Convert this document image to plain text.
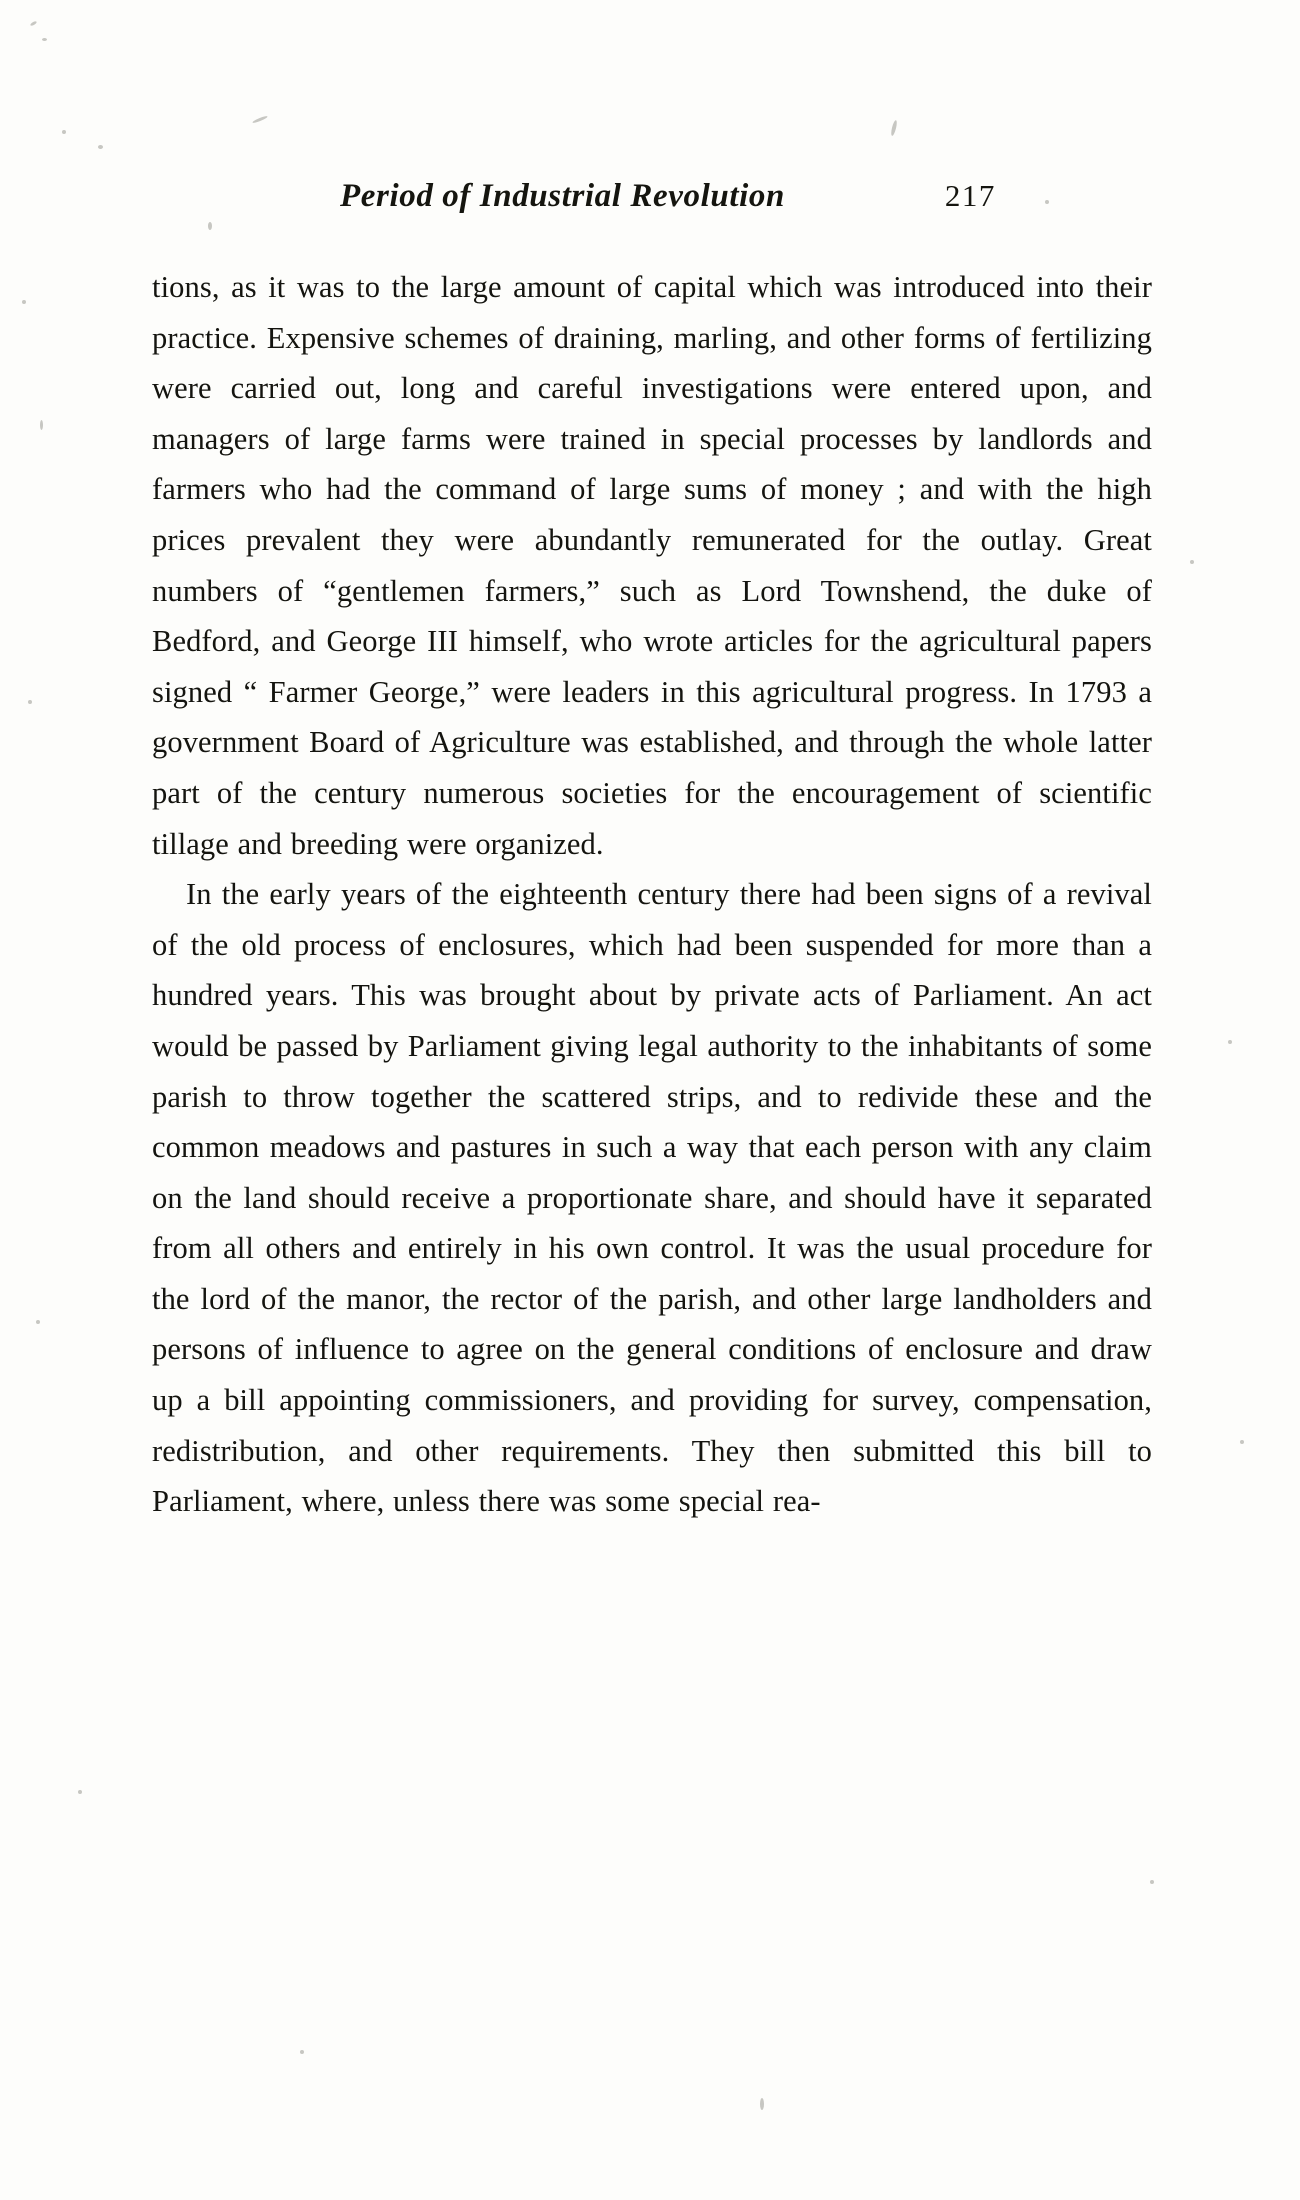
Period of Industrial Revolution	217

tions, as it was to the large amount of capital which was introduced into their practice. Expensive schemes of draining, marling, and other forms of fertilizing were carried out, long and careful investigations were entered upon, and managers of large farms were trained in special processes by landlords and farmers who had the command of large sums of money ; and with the high prices prevalent they were abundantly remunerated for the outlay. Great numbers of “gentlemen farmers,” such as Lord Townshend, the duke of Bedford, and George III himself, who wrote articles for the agricultural papers signed “ Farmer George,” were leaders in this agricultural progress. In 1793 a government Board of Agriculture was established, and through the whole latter part of the century numerous societies for the encouragement of scientific tillage and breeding were organized.

In the early years of the eighteenth century there had been signs of a revival of the old process of enclosures, which had been suspended for more than a hundred years. This was brought about by private acts of Parliament. An act would be passed by Parliament giving legal authority to the inhabitants of some parish to throw together the scattered strips, and to redivide these and the common meadows and pastures in such a way that each person with any claim on the land should receive a proportionate share, and should have it separated from all others and entirely in his own control. It was the usual procedure for the lord of the manor, the rector of the parish, and other large landholders and persons of influence to agree on the general conditions of enclosure and draw up a bill appointing commissioners, and providing for survey, compensation, redistribution, and other requirements. They then submitted this bill to Parliament, where, unless there was some special rea-
